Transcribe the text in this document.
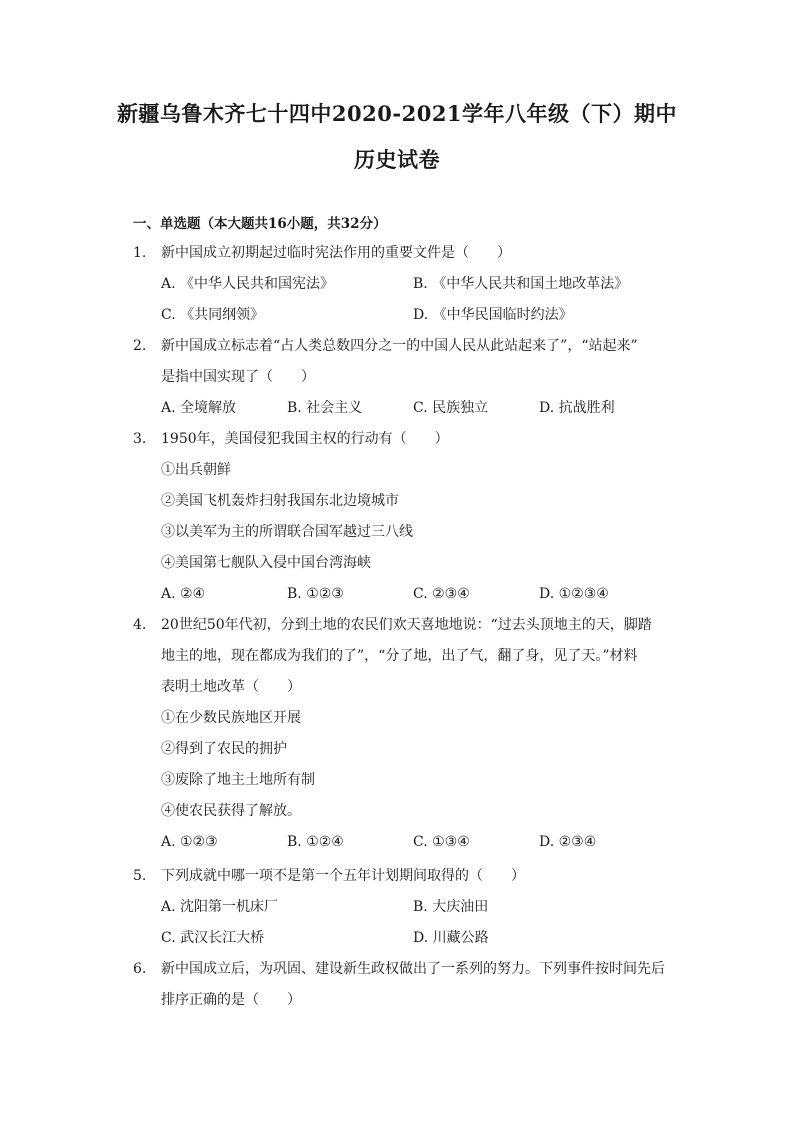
新疆乌鲁木齐七十四中2020-2021学年八年级（下）期中
历史试卷
一、单选题（本大题共16小题，共32分）
1.	新中国成立初期起过临时宪法作用的重要文件是（　　）
A. 《中华人民共和国宪法》	B. 《中华人民共和国土地改革法》
C. 《共同纲领》	D. 《中华民国临时约法》
2.	新中国成立标志着“占人类总数四分之一的中国人民从此站起来了”，“站起来”
是指中国实现了（　　）
A. 全境解放	B. 社会主义	C. 民族独立	D. 抗战胜利
3.	1950年，美国侵犯我国主权的行动有（　　）
①出兵朝鲜
②美国飞机轰炸扫射我国东北边境城市
③以美军为主的所谓联合国军越过三八线
④美国第七舰队入侵中国台湾海峡
A. ②④	B. ①②③	C. ②③④	D. ①②③④
4.	20世纪50年代初，分到土地的农民们欢天喜地地说：“过去头顶地主的天，脚踏
地主的地，现在都成为我们的了”，“分了地，出了气，翻了身，见了天。”材料
表明土地改革（　　）
①在少数民族地区开展
②得到了农民的拥护
③废除了地主土地所有制
④使农民获得了解放。
A. ①②③	B. ①②④	C. ①③④	D. ②③④
5.	下列成就中哪一项不是第一个五年计划期间取得的（　　）
A. 沈阳第一机床厂	B. 大庆油田
C. 武汉长江大桥	D. 川藏公路
6.	新中国成立后，为巩固、建设新生政权做出了一系列的努力。下列事件按时间先后
排序正确的是（　　）
